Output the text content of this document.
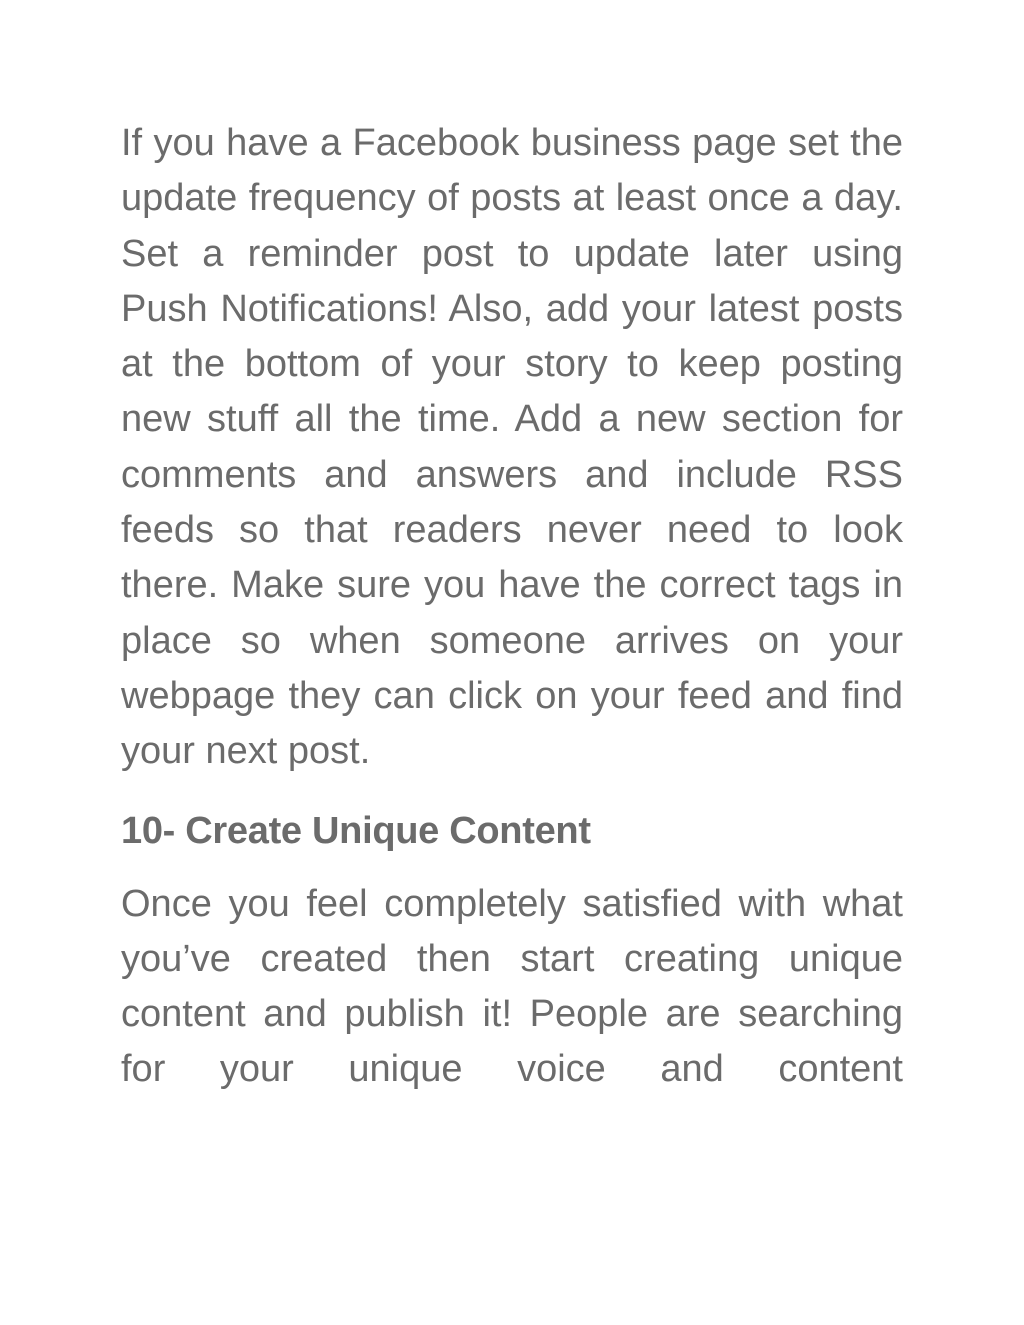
If you have a Facebook business page set the update frequency of posts at least once a day. Set a reminder post to update later using Push Notifications! Also, add your latest posts at the bottom of your story to keep posting new stuff all the time. Add a new section for comments and answers and include RSS feeds so that readers never need to look there. Make sure you have the correct tags in place so when someone arrives on your webpage they can click on your feed and find your next post.

10- Create Unique Content

Once you feel completely satisfied with what you’ve created then start creating unique content and publish it! People are searching for your unique voice and content
